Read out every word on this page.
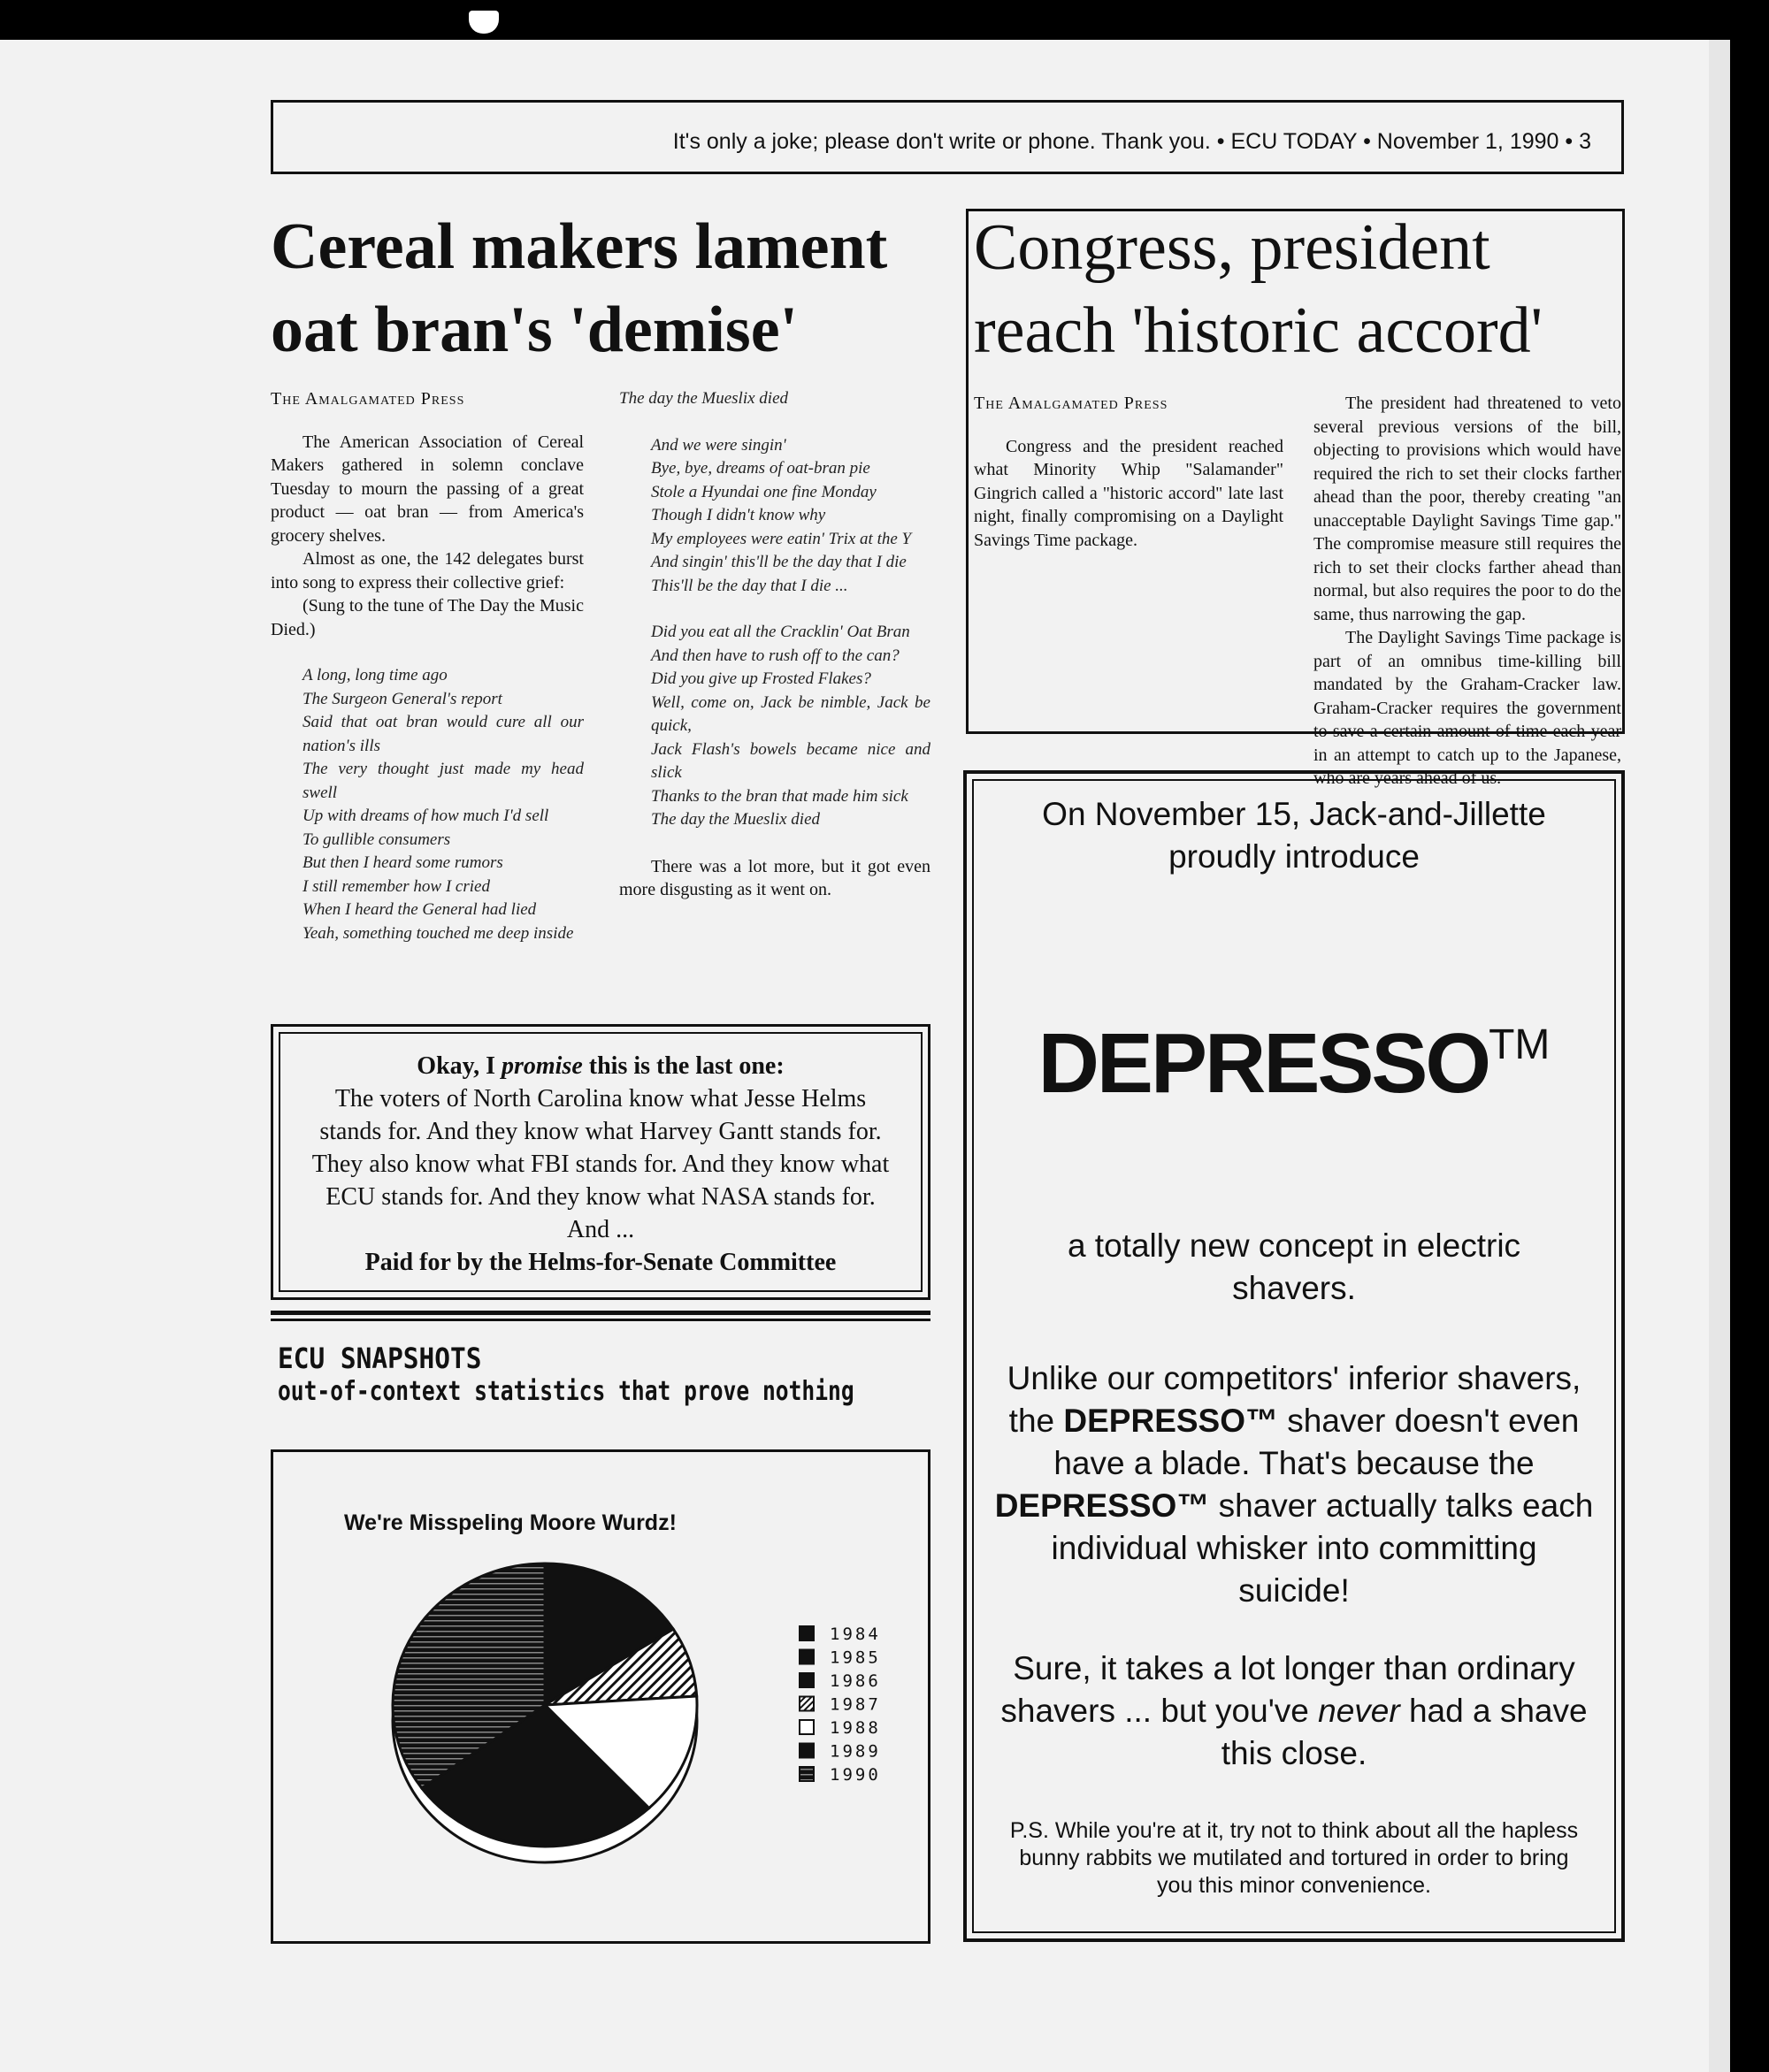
It's only a joke; please don't write or phone. Thank you. • ECU TODAY • November 1, 1990 • 3
Cereal makers lament oat bran's 'demise'

The Amalgamated Press

The American Association of Cereal Makers gathered in solemn conclave Tuesday to mourn the passing of a great product — oat bran — from America's grocery shelves.

Almost as one, the 142 delegates burst into song to express their collective grief:

(Sung to the tune of The Day the Music Died.)

A long, long time ago

The Surgeon General's report

Said that oat bran would cure all our nation's ills

The very thought just made my head swell

Up with dreams of how much I'd sell

To gullible consumers

But then I heard some rumors

I still remember how I cried

When I heard the General had lied

Yeah, something touched me deep inside

The day the Mueslix died

And we were singin'

Bye, bye, dreams of oat-bran pie

Stole a Hyundai one fine Monday

Though I didn't know why

My employees were eatin' Trix at the Y

And singin' this'll be the day that I die

This'll be the day that I die ...

Did you eat all the Cracklin' Oat Bran

And then have to rush off to the can?

Did you give up Frosted Flakes?

Well, come on, Jack be nimble, Jack be quick,

Jack Flash's bowels became nice and slick

Thanks to the bran that made him sick

The day the Mueslix died

There was a lot more, but it got even more disgusting as it went on.

Congress, president reach 'historic accord'

The Amalgamated Press

Congress and the president reached what Minority Whip "Salamander" Gingrich called a "historic accord" late last night, finally compromising on a Daylight Savings Time package.

The president had threatened to veto several previous versions of the bill, objecting to provisions which would have required the rich to set their clocks farther ahead than the poor, thereby creating "an unacceptable Daylight Savings Time gap." The compromise measure still requires the rich to set their clocks farther ahead than normal, but also requires the poor to do the same, thus narrowing the gap.

The Daylight Savings Time package is part of an omnibus time-killing bill mandated by the Graham-Cracker law. Graham-Cracker requires the government to save a certain amount of time each year in an attempt to catch up to the Japanese, who are years ahead of us.

Okay, I promise this is the last one:
The voters of North Carolina know what Jesse Helms stands for. And they know what Harvey Gantt stands for. They also know what FBI stands for. And they know what ECU stands for. And they know what NASA stands for. And ...
Paid for by the Helms-for-Senate Committee
ECU SNAPSHOTS
out-of-context statistics that prove nothing
We're Misspeling Moore Wurdz!
1984
1985
1986
1987
1988
1989
1990
On November 15, Jack-and-Jillette proudly introduce
DEPRESSO™
a totally new concept in electric shavers.
Unlike our competitors' inferior shavers, the DEPRESSO™ shaver doesn't even have a blade. That's because the DEPRESSO™ shaver actually talks each individual whisker into committing suicide!
Sure, it takes a lot longer than ordinary shavers ... but you've never had a shave this close.
P.S. While you're at it, try not to think about all the hapless bunny rabbits we mutilated and tortured in order to bring you this minor convenience.
